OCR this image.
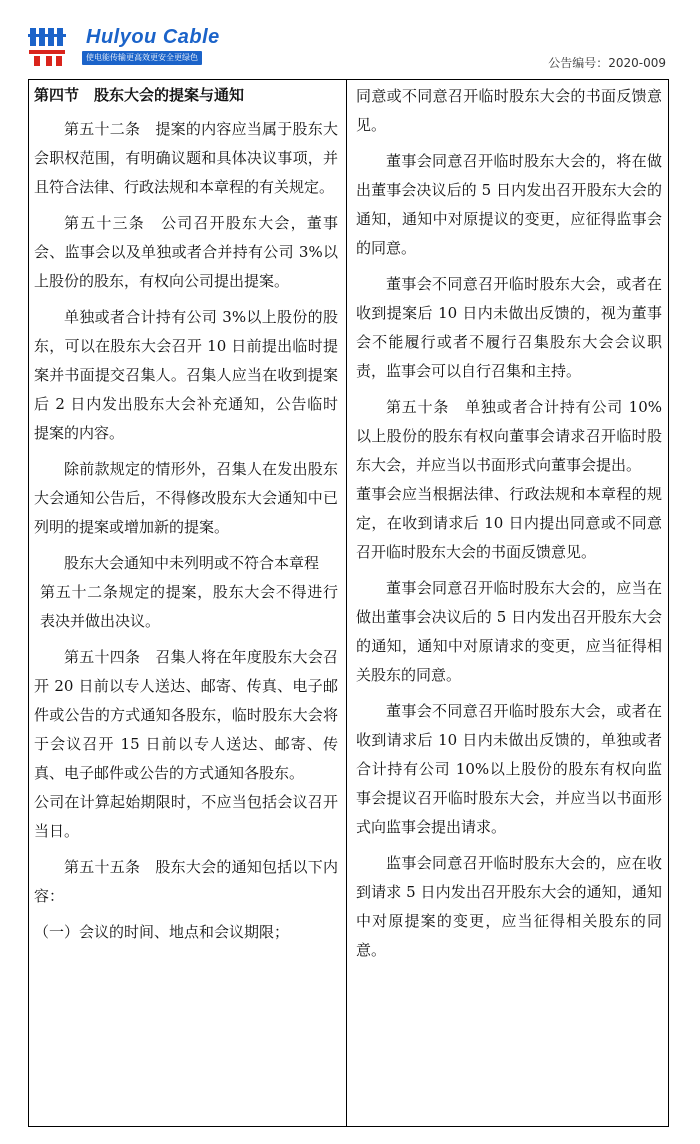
Hulyou Cable
使电能传输更高效更安全更绿色	公告编号：2020-009
第四节　股东大会的提案与通知

第五十二条　提案的内容应当属于股东大会职权范围，有明确议题和具体决议事项，并且符合法律、行政法规和本章程的有关规定。

第五十三条　公司召开股东大会，董事会、监事会以及单独或者合并持有公司 3%以上股份的股东，有权向公司提出提案。

单独或者合计持有公司 3%以上股份的股东，可以在股东大会召开 10 日前提出临时提案并书面提交召集人。召集人应当在收到提案后 2 日内发出股东大会补充通知，公告临时提案的内容。

除前款规定的情形外，召集人在发出股东大会通知公告后，不得修改股东大会通知中已列明的提案或增加新的提案。

股东大会通知中未列明或不符合本章程

第五十二条规定的提案，股东大会不得进行表决并做出决议。

第五十四条　召集人将在年度股东大会召开 20 日前以专人送达、邮寄、传真、电子邮件或公告的方式通知各股东，临时股东大会将于会议召开 15 日前以专人送达、邮寄、传真、电子邮件或公告的方式通知各股东。

公司在计算起始期限时，不应当包括会议召开当日。

第五十五条　股东大会的通知包括以下内容：

（一）会议的时间、地点和会议期限；

同意或不同意召开临时股东大会的书面反馈意见。

董事会同意召开临时股东大会的，将在做出董事会决议后的 5 日内发出召开股东大会的通知，通知中对原提议的变更，应征得监事会的同意。

董事会不同意召开临时股东大会，或者在收到提案后 10 日内未做出反馈的，视为董事会不能履行或者不履行召集股东大会会议职责，监事会可以自行召集和主持。

第五十条　单独或者合计持有公司 10%以上股份的股东有权向董事会请求召开临时股东大会，并应当以书面形式向董事会提出。

董事会应当根据法律、行政法规和本章程的规定，在收到请求后 10 日内提出同意或不同意召开临时股东大会的书面反馈意见。

董事会同意召开临时股东大会的，应当在做出董事会决议后的 5 日内发出召开股东大会的通知，通知中对原请求的变更，应当征得相关股东的同意。

董事会不同意召开临时股东大会，或者在收到请求后 10 日内未做出反馈的，单独或者合计持有公司 10%以上股份的股东有权向监事会提议召开临时股东大会，并应当以书面形式向监事会提出请求。

监事会同意召开临时股东大会的，应在收到请求 5 日内发出召开股东大会的通知，通知中对原提案的变更，应当征得相关股东的同意。
